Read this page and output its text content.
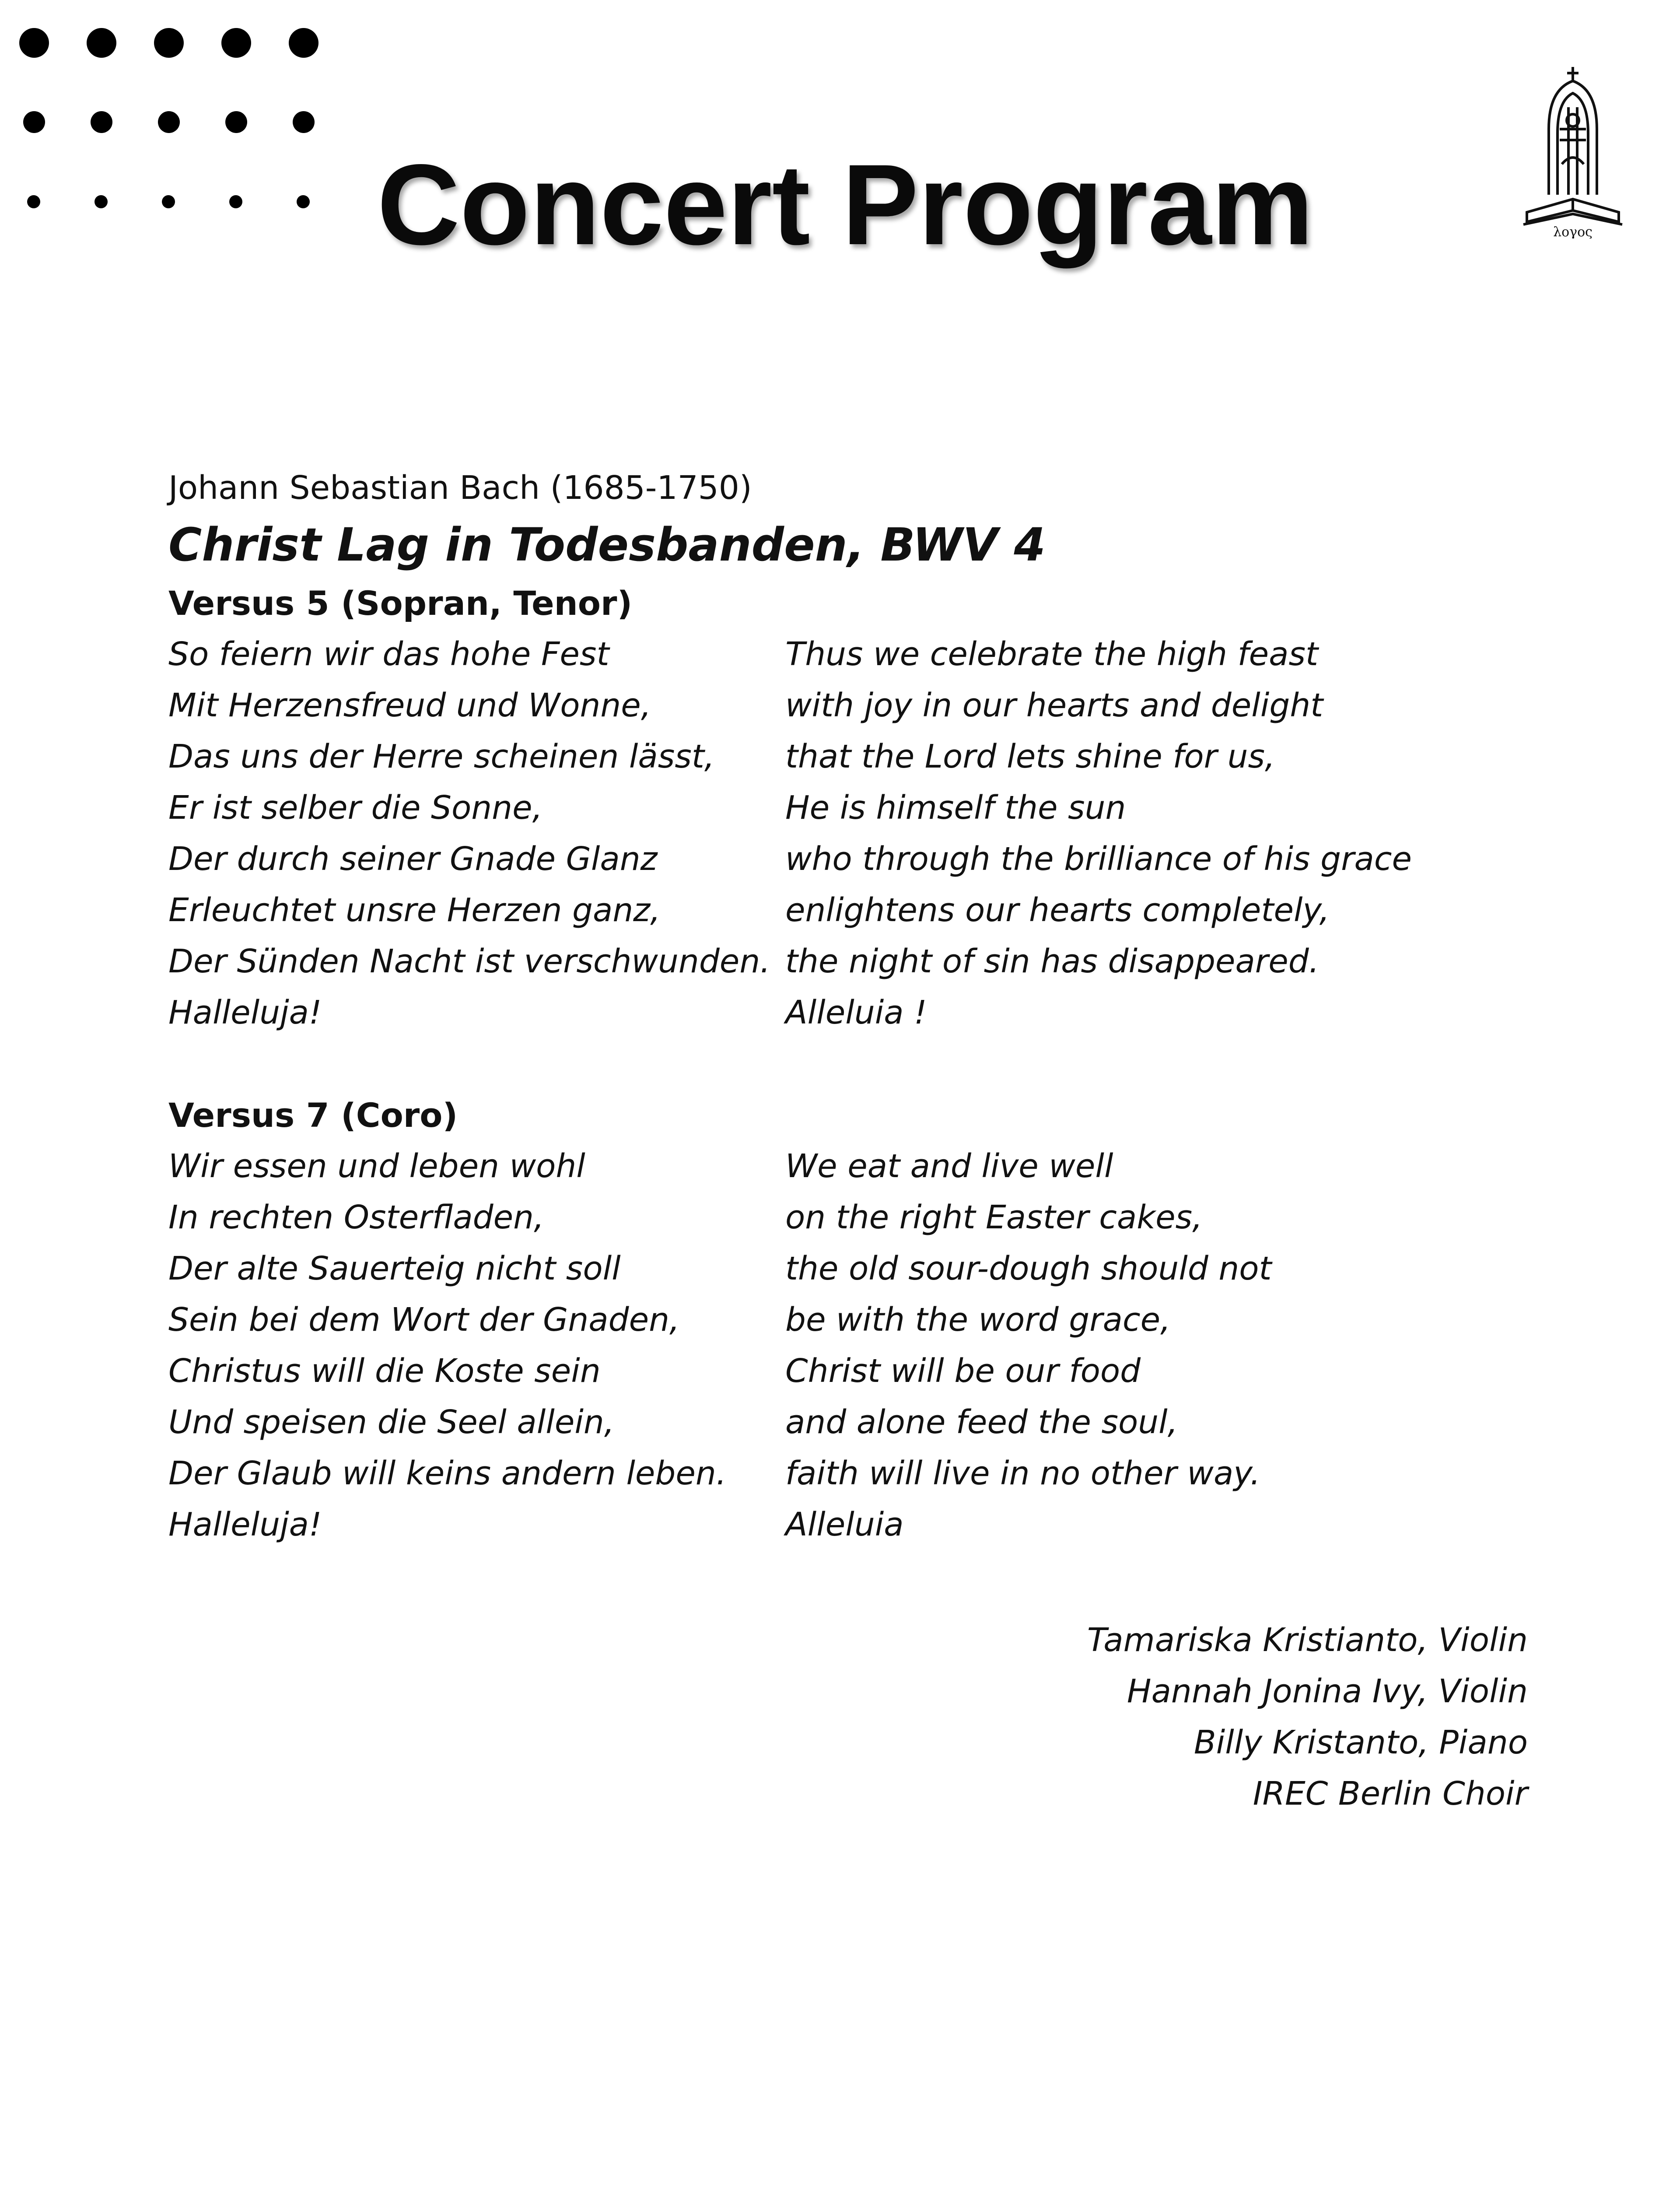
Concert Program	λογος
Johann Sebastian Bach (1685-1750)
Christ Lag in Todesbanden, BWV 4
Versus 5 (Sopran, Tenor)
So feiern wir das hohe Fest
Mit Herzensfreud und Wonne,
Das uns der Herre scheinen lässt,
Er ist selber die Sonne,
Der durch seiner Gnade Glanz
Erleuchtet unsre Herzen ganz,
Der Sünden Nacht ist verschwunden.
Halleluja!
Thus we celebrate the high feast
with joy in our hearts and delight
that the Lord lets shine for us,
He is himself the sun
who through the brilliance of his grace
enlightens our hearts completely,
the night of sin has disappeared.
Alleluia !
Versus 7 (Coro)
Wir essen und leben wohl
In rechten Osterfladen,
Der alte Sauerteig nicht soll
Sein bei dem Wort der Gnaden,
Christus will die Koste sein
Und speisen die Seel allein,
Der Glaub will keins andern leben.
Halleluja!
We eat and live well
on the right Easter cakes,
the old sour-dough should not
be with the word grace,
Christ will be our food
and alone feed the soul,
faith will live in no other way.
Alleluia
Tamariska Kristianto, Violin
Hannah Jonina Ivy, Violin
Billy Kristanto, Piano
IREC Berlin Choir
